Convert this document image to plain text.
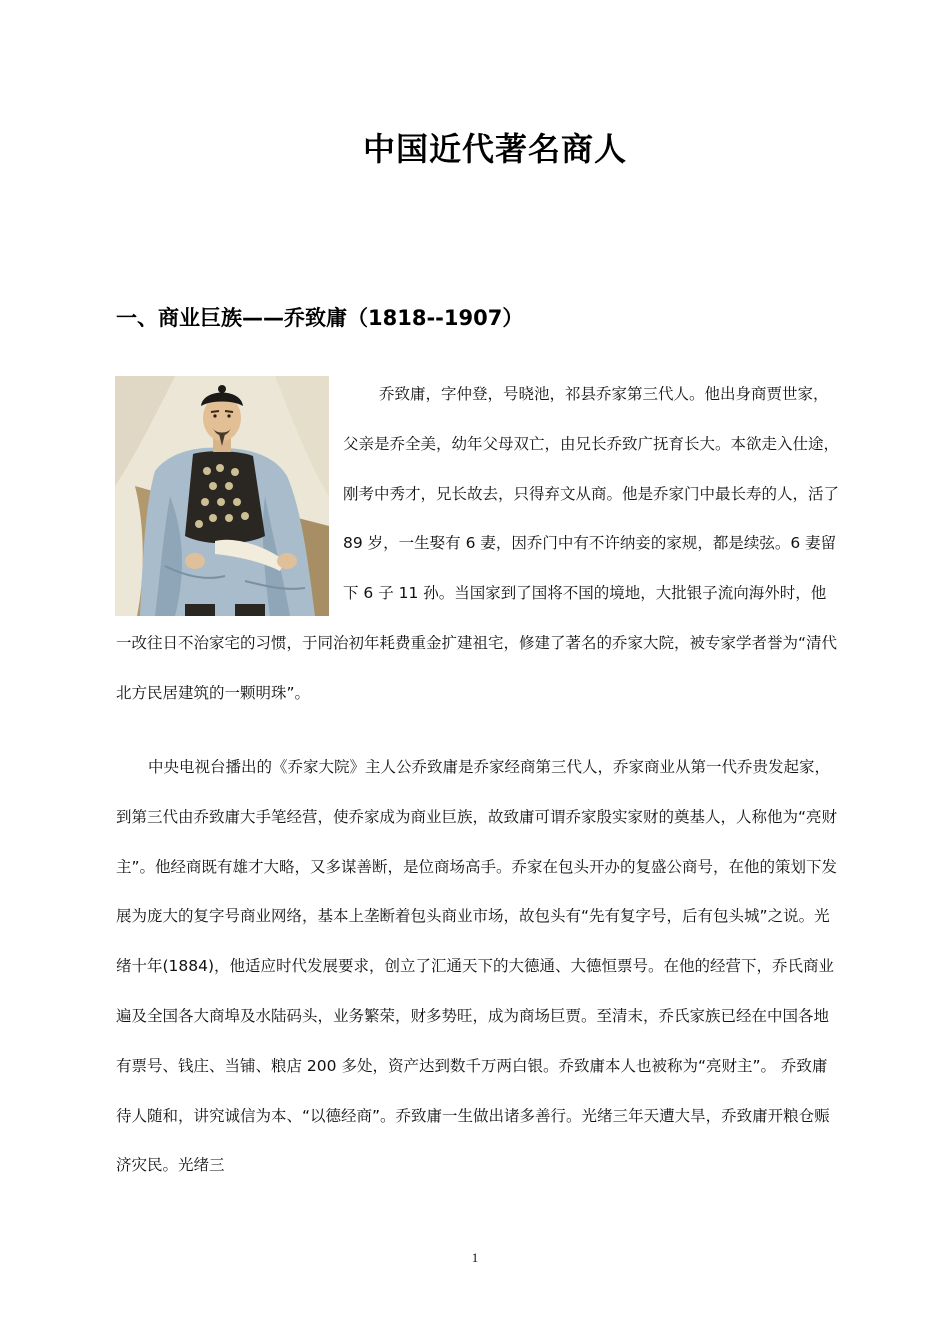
中国近代著名商人
一、商业巨族——乔致庸（1818--1907）

乔致庸，字仲登，号晓池，祁县乔家第三代人。他出身商贾世家，父亲是乔全美，幼年父母双亡，由兄长乔致广抚育长大。本欲走入仕途，刚考中秀才，兄长故去，只得弃文从商。他是乔家门中最长寿的人，活了 89 岁，一生娶有 6 妻，因乔门中有不许纳妾的家规，都是续弦。6 妻留下 6 子 11 孙。当国家到了国将不国的境地，大批银子流向海外时，他一改往日不治家宅的习惯，于同治初年耗费重金扩建祖宅，修建了著名的乔家大院，被专家学者誉为“清代北方民居建筑的一颗明珠”。

中央电视台播出的《乔家大院》主人公乔致庸是乔家经商第三代人，乔家商业从第一代乔贵发起家，到第三代由乔致庸大手笔经营，使乔家成为商业巨族，故致庸可谓乔家殷实家财的奠基人，人称他为“亮财主”。他经商既有雄才大略，又多谋善断，是位商场高手。乔家在包头开办的复盛公商号，在他的策划下发展为庞大的复字号商业网络，基本上垄断着包头商业市场，故包头有“先有复字号，后有包头城”之说。光绪十年(1884)，他适应时代发展要求，创立了汇通天下的大德通、大德恒票号。在他的经营下，乔氏商业遍及全国各大商埠及水陆码头，业务繁荣，财多势旺，成为商场巨贾。至清末，乔氏家族已经在中国各地有票号、钱庄、当铺、粮店 200 多处，资产达到数千万两白银。乔致庸本人也被称为“亮财主”。 乔致庸待人随和，讲究诚信为本、“以德经商”。乔致庸一生做出诸多善行。光绪三年天遭大旱，乔致庸开粮仓赈济灾民。光绪三

1
